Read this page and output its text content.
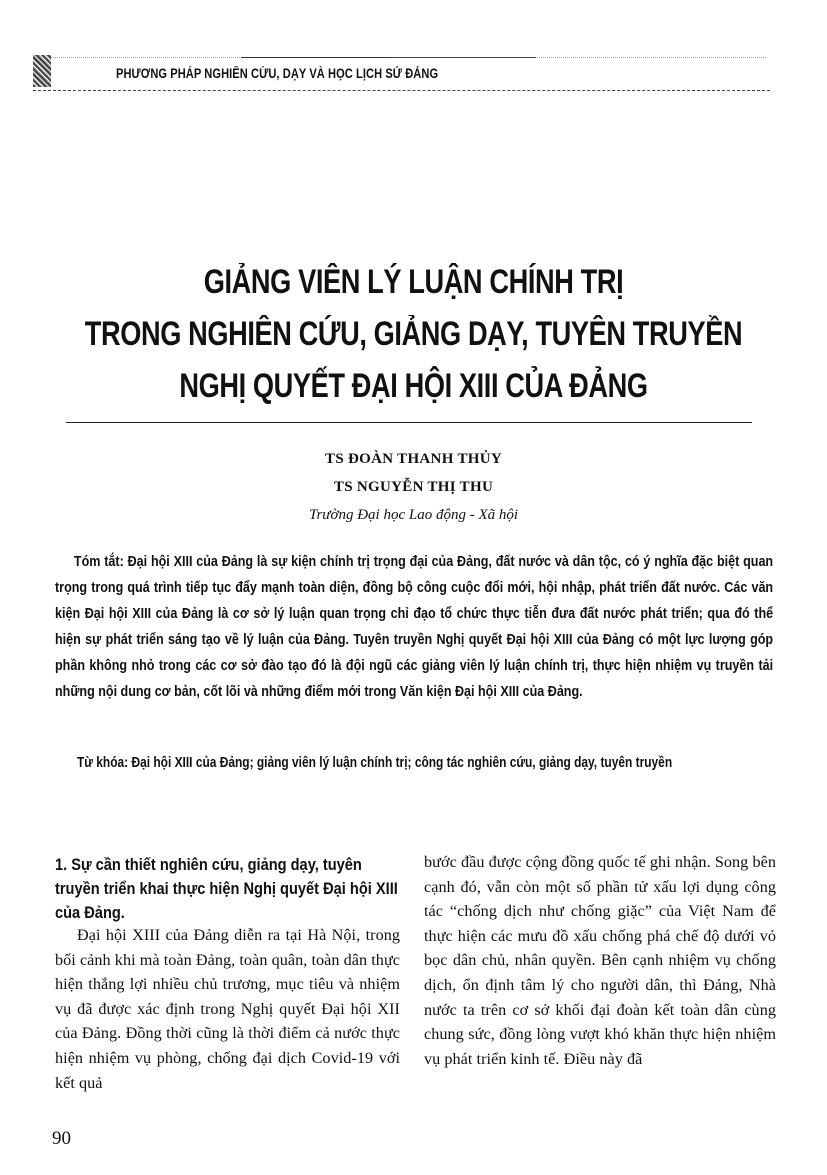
PHƯƠNG PHÁP NGHIÊN CỨU, DẠY VÀ HỌC LỊCH SỬ ĐẢNG
GIẢNG VIÊN LÝ LUẬN CHÍNH TRỊ
TRONG NGHIÊN CỨU, GIẢNG DẠY, TUYÊN TRUYỀN
NGHỊ QUYẾT ĐẠI HỘI XIII CỦA ĐẢNG
TS ĐOÀN THANH THỦY
TS NGUYỄN THỊ THU
Trường Đại học Lao động - Xã hội
Tóm tắt: Đại hội XIII của Đảng là sự kiện chính trị trọng đại của Đảng, đất nước và dân tộc, có ý nghĩa đặc biệt quan trọng trong quá trình tiếp tục đẩy mạnh toàn diện, đồng bộ công cuộc đổi mới, hội nhập, phát triển đất nước. Các văn kiện Đại hội XIII của Đảng là cơ sở lý luận quan trọng chỉ đạo tổ chức thực tiễn đưa đất nước phát triển; qua đó thể hiện sự phát triển sáng tạo về lý luận của Đảng. Tuyên truyền Nghị quyết Đại hội XIII của Đảng có một lực lượng góp phần không nhỏ trong các cơ sở đào tạo đó là đội ngũ các giảng viên lý luận chính trị, thực hiện nhiệm vụ truyền tải những nội dung cơ bản, cốt lõi và những điểm mới trong Văn kiện Đại hội XIII của Đảng.
Từ khóa: Đại hội XIII của Đảng; giảng viên lý luận chính trị; công tác nghiên cứu, giảng dạy, tuyên truyền
1. Sự cần thiết nghiên cứu, giảng dạy, tuyên truyền triển khai thực hiện Nghị quyết Đại hội XIII của Đảng.

Đại hội XIII của Đảng diễn ra tại Hà Nội, trong bối cảnh khi mà toàn Đảng, toàn quân, toàn dân thực hiện thắng lợi nhiều chủ trương, mục tiêu và nhiệm vụ đã được xác định trong Nghị quyết Đại hội XII của Đảng. Đồng thời cũng là thời điểm cả nước thực hiện nhiệm vụ phòng, chống đại dịch Covid-19 với kết quả

bước đầu được cộng đồng quốc tế ghi nhận. Song bên cạnh đó, vẫn còn một số phần tử xấu lợi dụng công tác “chống dịch như chống giặc” của Việt Nam để thực hiện các mưu đồ xấu chống phá chế độ dưới vỏ bọc dân chủ, nhân quyền. Bên cạnh nhiệm vụ chống dịch, ổn định tâm lý cho người dân, thì Đảng, Nhà nước ta trên cơ sở khối đại đoàn kết toàn dân cùng chung sức, đồng lòng vượt khó khăn thực hiện nhiệm vụ phát triển kinh tế. Điều này đã

90
